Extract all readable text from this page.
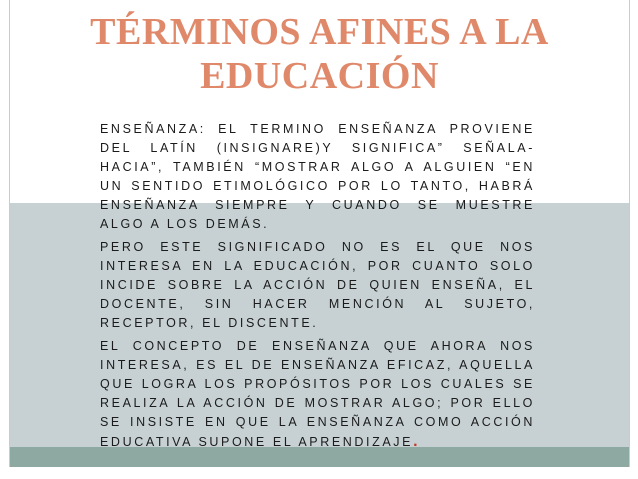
TÉRMINOS AFINES A LA
EDUCACIÓN

ENSEÑANZA: EL TERMINO ENSEÑANZA PROVIENE DEL LATÍN (INSIGNARE)Y SIGNIFICA” SEÑALA-HACIA”, TAMBIÉN “MOSTRAR ALGO A ALGUIEN “EN UN SENTIDO ETIMOLÓGICO POR LO TANTO, HABRÁ ENSEÑANZA SIEMPRE Y CUANDO SE MUESTRE ALGO A LOS DEMÁS.

PERO ESTE SIGNIFICADO NO ES EL QUE NOS INTERESA EN LA EDUCACIÓN, POR CUANTO SOLO INCIDE SOBRE LA ACCIÓN DE QUIEN ENSEÑA, EL DOCENTE, SIN HACER MENCIÓN AL SUJETO, RECEPTOR, EL DISCENTE.

EL CONCEPTO DE ENSEÑANZA QUE AHORA NOS INTERESA, ES EL DE ENSEÑANZA EFICAZ, AQUELLA QUE LOGRA LOS PROPÓSITOS POR LOS CUALES SE REALIZA LA ACCIÓN DE MOSTRAR ALGO; POR ELLO SE INSISTE EN QUE LA ENSEÑANZA COMO ACCIÓN EDUCATIVA SUPONE EL APRENDIZAJE.
